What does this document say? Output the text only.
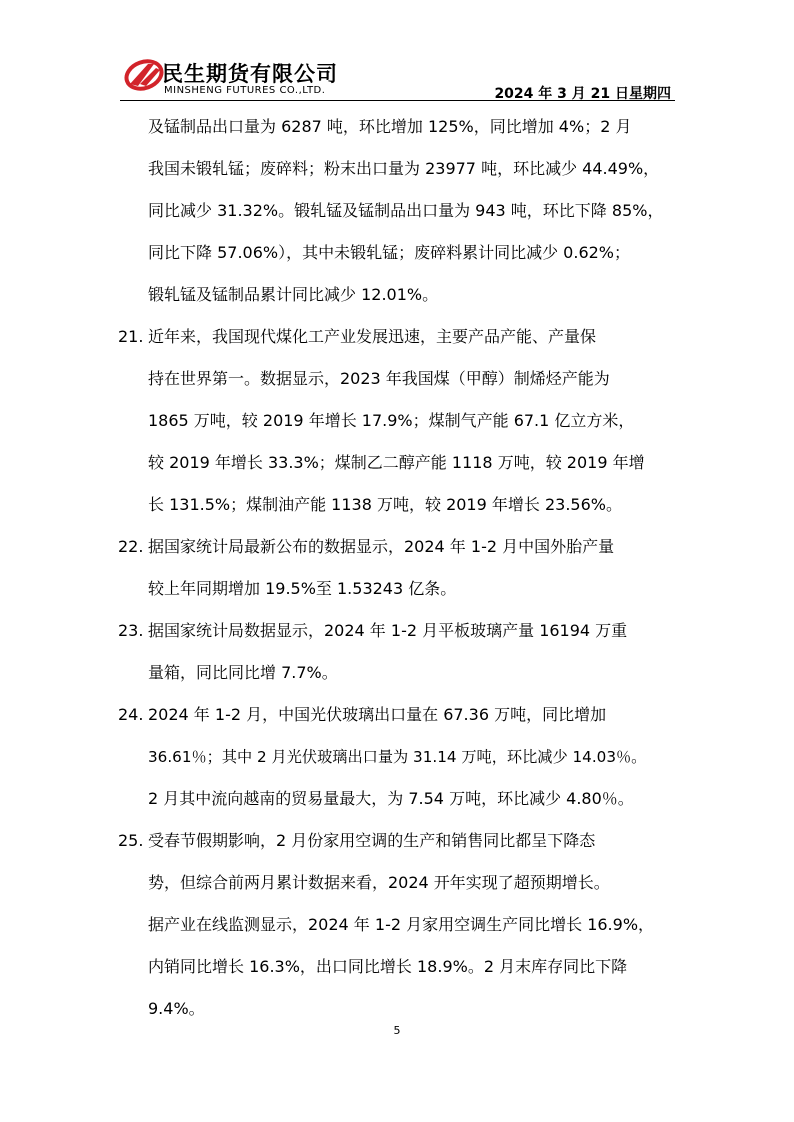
民生期货有限公司
MINSHENG FUTURES CO.,LTD.	2024 年 3 月 21 日星期四
及锰制品出口量为 6287 吨，环比增加 125%，同比增加 4%；2 月
我国未锻轧锰；废碎料；粉末出口量为 23977 吨，环比减少 44.49%，
同比减少 31.32%。锻轧锰及锰制品出口量为 943 吨，环比下降 85%，
同比下降 57.06%），其中未锻轧锰；废碎料累计同比减少 0.62%；
锻轧锰及锰制品累计同比减少 12.01%。
21. 近年来，我国现代煤化工产业发展迅速，主要产品产能、产量保
持在世界第一。数据显示，2023 年我国煤（甲醇）制烯烃产能为
1865 万吨，较 2019 年增长 17.9%；煤制气产能 67.1 亿立方米，
较 2019 年增长 33.3%；煤制乙二醇产能 1118 万吨，较 2019 年增
长 131.5%；煤制油产能 1138 万吨，较 2019 年增长 23.56%。
22. 据国家统计局最新公布的数据显示，2024 年 1-2 月中国外胎产量
较上年同期增加 19.5%至 1.53243 亿条。
23. 据国家统计局数据显示，2024 年 1-2 月平板玻璃产量 16194 万重
量箱，同比同比增 7.7%。
24. 2024 年 1-2 月，中国光伏玻璃出口量在 67.36 万吨，同比增加
36.61％；其中 2 月光伏玻璃出口量为 31.14 万吨，环比减少 14.03％。
2 月其中流向越南的贸易量最大，为 7.54 万吨，环比减少 4.80％。
25. 受春节假期影响，2 月份家用空调的生产和销售同比都呈下降态
势，但综合前两月累计数据来看，2024 开年实现了超预期增长。
据产业在线监测显示，2024 年 1-2 月家用空调生产同比增长 16.9%，
内销同比增长 16.3%，出口同比增长 18.9%。2 月末库存同比下降
9.4%。
5
